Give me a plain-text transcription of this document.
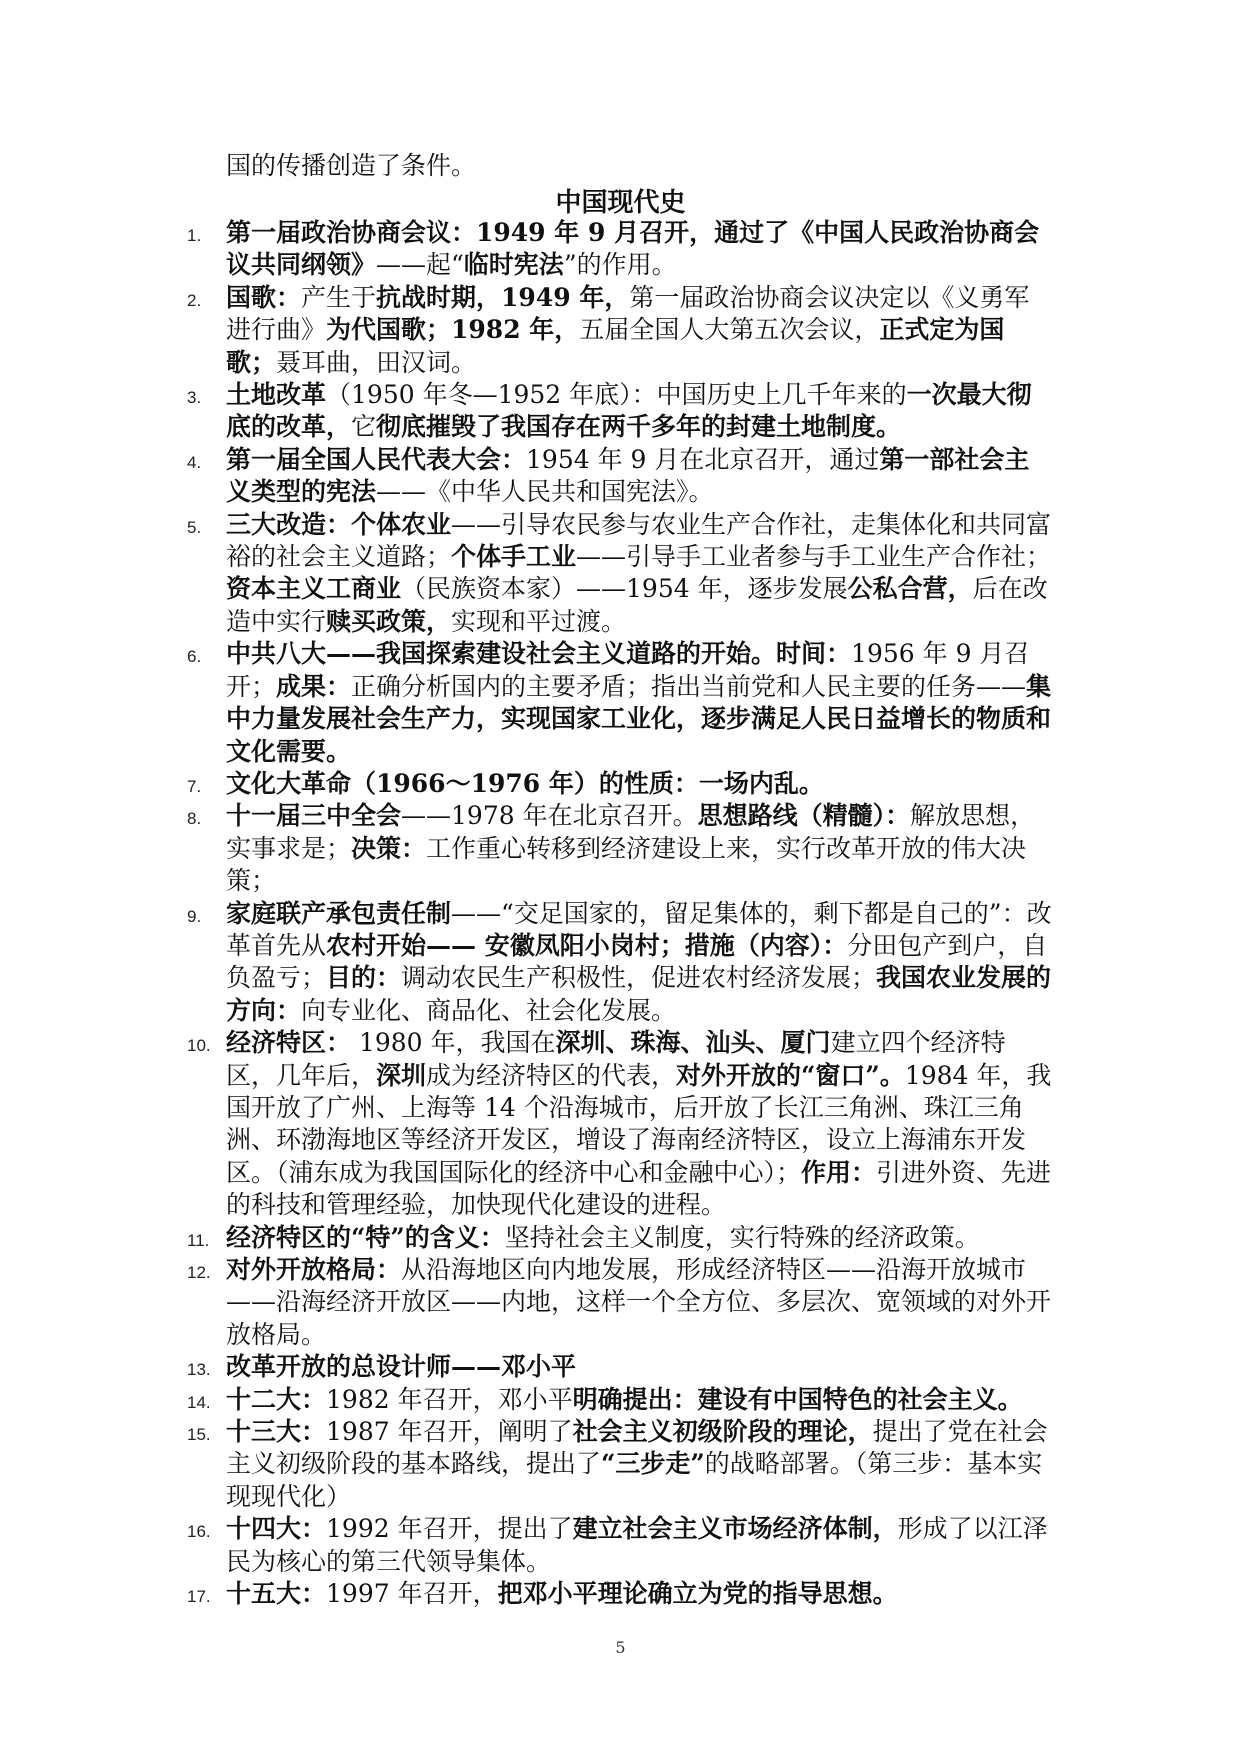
国的传播创造了条件。
中国现代史
1. 第一届政治协商会议：1949 年 9 月召开，通过了《中国人民政治协商会议共同纲领》——起“临时宪法”的作用。
2. 国歌：产生于抗战时期，1949 年，第一届政治协商会议决定以《义勇军进行曲》为代国歌；1982 年，五届全国人大第五次会议，正式定为国歌；聂耳曲，田汉词。
3. 土地改革（1950 年冬—1952 年底）：中国历史上几千年来的一次最大彻底的改革，它彻底摧毁了我国存在两千多年的封建土地制度。
4. 第一届全国人民代表大会：1954 年 9 月在北京召开，通过第一部社会主义类型的宪法——《中华人民共和国宪法》。
5. 三大改造：个体农业——引导农民参与农业生产合作社，走集体化和共同富裕的社会主义道路；个体手工业——引导手工业者参与手工业生产合作社；资本主义工商业（民族资本家）——1954 年，逐步发展公私合营，后在改造中实行赎买政策，实现和平过渡。
6. 中共八大——我国探索建设社会主义道路的开始。时间：1956 年 9 月召开；成果：正确分析国内的主要矛盾；指出当前党和人民主要的任务——集中力量发展社会生产力，实现国家工业化，逐步满足人民日益增长的物质和文化需要。
7. 文化大革命（1966～1976 年）的性质：一场内乱。
8. 十一届三中全会——1978 年在北京召开。思想路线（精髓）：解放思想，实事求是；决策：工作重心转移到经济建设上来，实行改革开放的伟大决策；
9. 家庭联产承包责任制——“交足国家的，留足集体的，剩下都是自己的”：改革首先从农村开始—— 安徽凤阳小岗村；措施（内容）：分田包产到户，自负盈亏；目的：调动农民生产积极性，促进农村经济发展；我国农业发展的方向：向专业化、商品化、社会化发展。
10. 经济特区： 1980 年，我国在深圳、珠海、汕头、厦门建立四个经济特区，几年后，深圳成为经济特区的代表，对外开放的“窗口”。1984 年，我国开放了广州、上海等 14 个沿海城市，后开放了长江三角洲、珠江三角洲、环渤海地区等经济开发区，增设了海南经济特区，设立上海浦东开发区。（浦东成为我国国际化的经济中心和金融中心）；作用：引进外资、先进的科技和管理经验，加快现代化建设的进程。
11. 经济特区的“特”的含义：坚持社会主义制度，实行特殊的经济政策。
12. 对外开放格局：从沿海地区向内地发展，形成经济特区——沿海开放城市——沿海经济开放区——内地，这样一个全方位、多层次、宽领域的对外开放格局。
13. 改革开放的总设计师——邓小平
14. 十二大：1982 年召开，邓小平明确提出：建设有中国特色的社会主义。
15. 十三大：1987 年召开，阐明了社会主义初级阶段的理论，提出了党在社会主义初级阶段的基本路线，提出了“三步走”的战略部署。（第三步：基本实现现代化）
16. 十四大：1992 年召开，提出了建立社会主义市场经济体制，形成了以江泽民为核心的第三代领导集体。
17. 十五大：1997 年召开，把邓小平理论确立为党的指导思想。
5
